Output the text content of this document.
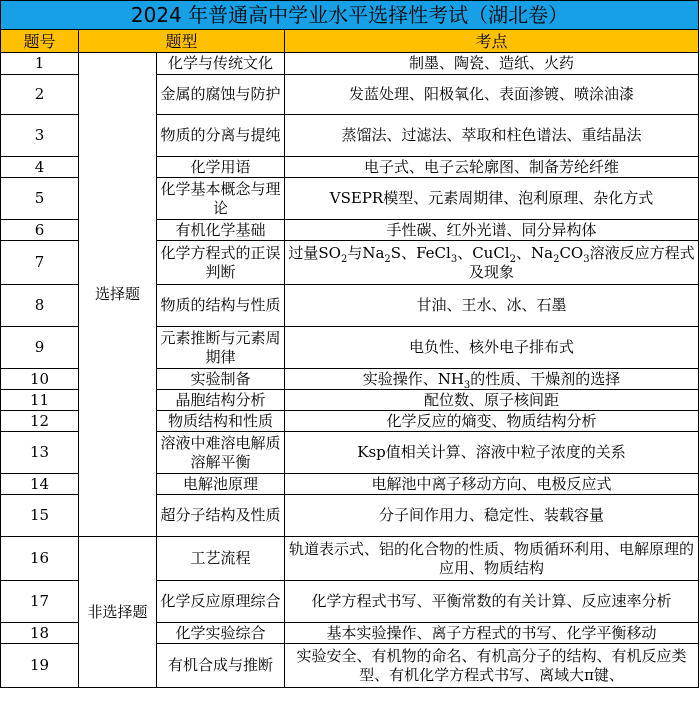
2024 年普通高中学业水平选择性考试（湖北卷）			
题号	题型		考点
1	选择题	化学与传统文化	制墨、陶瓷、造纸、火药
2		金属的腐蚀与防护	发蓝处理、阳极氧化、表面渗镀、喷涂油漆
3		物质的分离与提纯	蒸馏法、过滤法、萃取和柱色谱法、重结晶法
4		化学用语	电子式、电子云轮廓图、制备芳纶纤维
5		化学基本概念与理论	VSEPR模型、元素周期律、泡利原理、杂化方式
6		有机化学基础	手性碳、红外光谱、同分异构体
7		化学方程式的正误判断	过量$SO_2$与$Na_2S$、FeCl$_3$、CuCl$_2$、$Na_2CO_3$溶液反应方程式及现象
8		物质的结构与性质	甘油、王水、冰、石墨
9		元素推断与元素周期律	电负性、核外电子排布式
10		实验制备	实验操作、$NH_3$的性质、干燥剂的选择
11		晶胞结构分析	配位数、原子核间距
12		物质结构和性质	化学反应的熵变、物质结构分析
13		溶液中难溶电解质溶解平衡	Ksp值相关计算、溶液中粒子浓度的关系
14		电解池原理	电解池中离子移动方向、电极反应式
15		超分子结构及性质	分子间作用力、稳定性、装载容量
16	非选择题	工艺流程	轨道表示式、铝的化合物的性质、物质循环利用、电解原理的应用、物质结构
17		化学反应原理综合	化学方程式书写、平衡常数的有关计算、反应速率分析
18		化学实验综合	基本实验操作、离子方程式的书写、化学平衡移动
19		有机合成与推断	实验安全、有机物的命名、有机高分子的结构、有机反应类型、有机化学方程式书写、离域大π键、
